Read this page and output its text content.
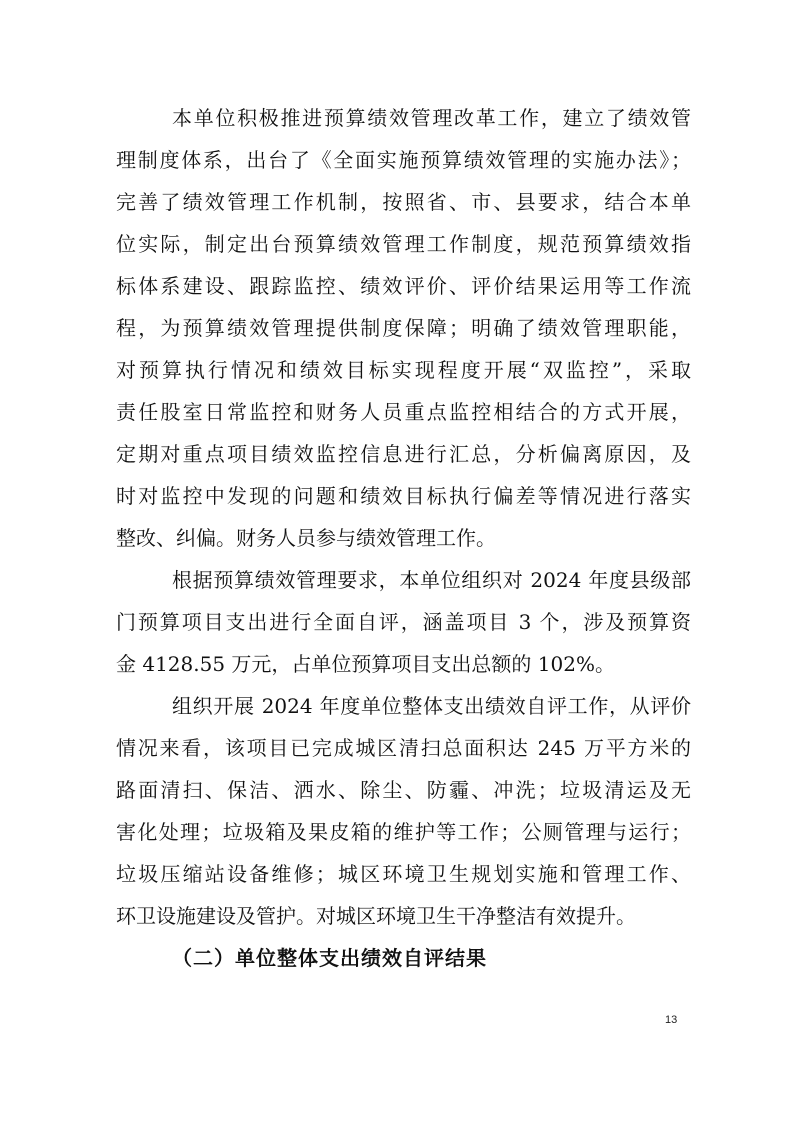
本单位积极推进预算绩效管理改革工作，建立了绩效管
理制度体系，出台了《全面实施预算绩效管理的实施办法》；
完善了绩效管理工作机制，按照省、市、县要求，结合本单
位实际，制定出台预算绩效管理工作制度，规范预算绩效指
标体系建设、跟踪监控、绩效评价、评价结果运用等工作流
程，为预算绩效管理提供制度保障；明确了绩效管理职能，
对预算执行情况和绩效目标实现程度开展“双监控”，采取
责任股室日常监控和财务人员重点监控相结合的方式开展，
定期对重点项目绩效监控信息进行汇总，分析偏离原因，及
时对监控中发现的问题和绩效目标执行偏差等情况进行落实
整改、纠偏。财务人员参与绩效管理工作。
根据预算绩效管理要求，本单位组织对 2024 年度县级部
门预算项目支出进行全面自评，涵盖项目 3 个，涉及预算资
金 4128.55 万元，占单位预算项目支出总额的 102%。
组织开展 2024 年度单位整体支出绩效自评工作，从评价
情况来看，该项目已完成城区清扫总面积达 245 万平方米的
路面清扫、保洁、洒水、除尘、防霾、冲洗；垃圾清运及无
害化处理；垃圾箱及果皮箱的维护等工作；公厕管理与运行；
垃圾压缩站设备维修；城区环境卫生规划实施和管理工作、
环卫设施建设及管护。对城区环境卫生干净整洁有效提升。
（二）单位整体支出绩效自评结果
13
